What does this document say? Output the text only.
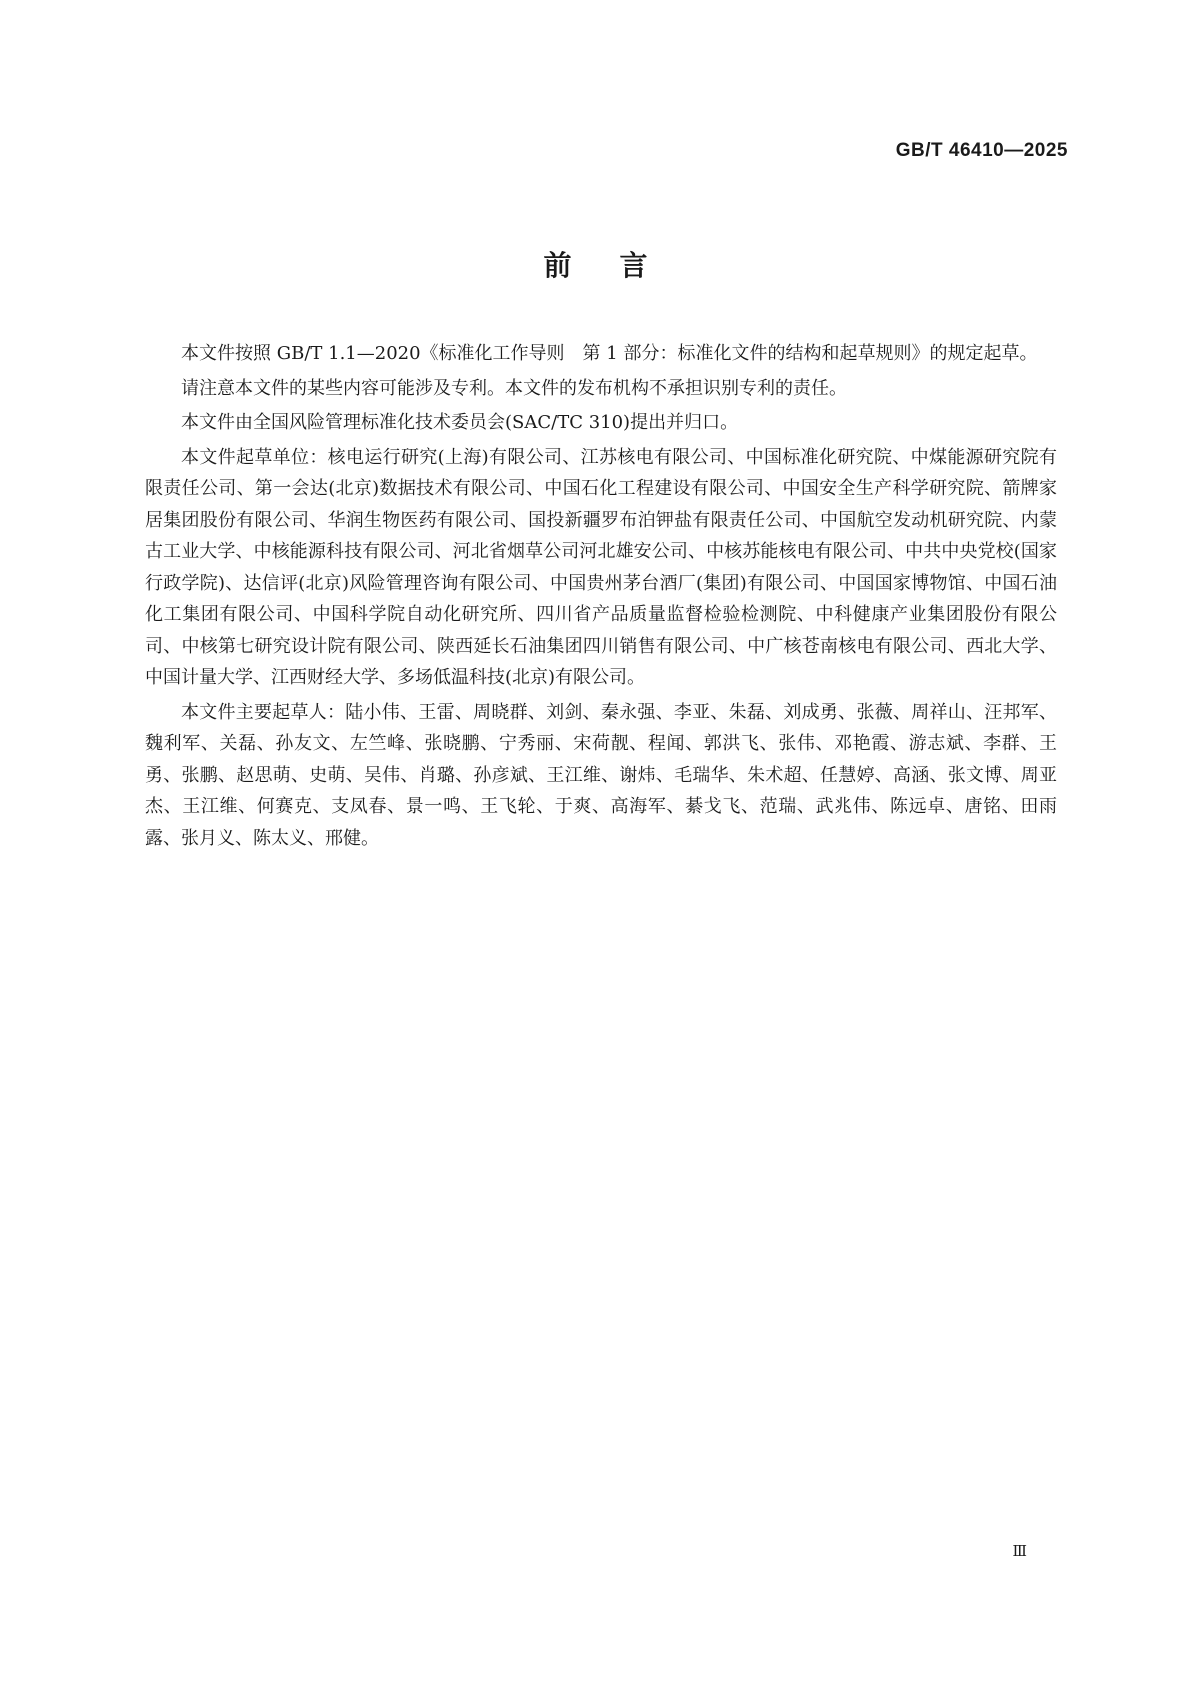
GB/T 46410—2025
前言

本文件按照 GB/T 1.1—2020《标准化工作导则　第 1 部分：标准化文件的结构和起草规则》的规定起草。

请注意本文件的某些内容可能涉及专利。本文件的发布机构不承担识别专利的责任。

本文件由全国风险管理标准化技术委员会(SAC/TC 310)提出并归口。

本文件起草单位：核电运行研究(上海)有限公司、江苏核电有限公司、中国标准化研究院、中煤能源研究院有限责任公司、第一会达(北京)数据技术有限公司、中国石化工程建设有限公司、中国安全生产科学研究院、箭牌家居集团股份有限公司、华润生物医药有限公司、国投新疆罗布泊钾盐有限责任公司、中国航空发动机研究院、内蒙古工业大学、中核能源科技有限公司、河北省烟草公司河北雄安公司、中核苏能核电有限公司、中共中央党校(国家行政学院)、达信评(北京)风险管理咨询有限公司、中国贵州茅台酒厂(集团)有限公司、中国国家博物馆、中国石油化工集团有限公司、中国科学院自动化研究所、四川省产品质量监督检验检测院、中科健康产业集团股份有限公司、中核第七研究设计院有限公司、陕西延长石油集团四川销售有限公司、中广核苍南核电有限公司、西北大学、中国计量大学、江西财经大学、多场低温科技(北京)有限公司。

本文件主要起草人：陆小伟、王雷、周晓群、刘剑、秦永强、李亚、朱磊、刘成勇、张薇、周祥山、汪邦军、魏利军、关磊、孙友文、左竺峰、张晓鹏、宁秀丽、宋荷靓、程闻、郭洪飞、张伟、邓艳霞、游志斌、李群、王勇、张鹏、赵思萌、史萌、吴伟、肖璐、孙彦斌、王江维、谢炜、毛瑞华、朱术超、任慧婷、高涵、张文博、周亚杰、王江维、何赛克、支凤春、景一鸣、王飞轮、于爽、高海军、綦戈飞、范瑞、武兆伟、陈远卓、唐铭、田雨露、张月义、陈太义、邢健。

Ⅲ
